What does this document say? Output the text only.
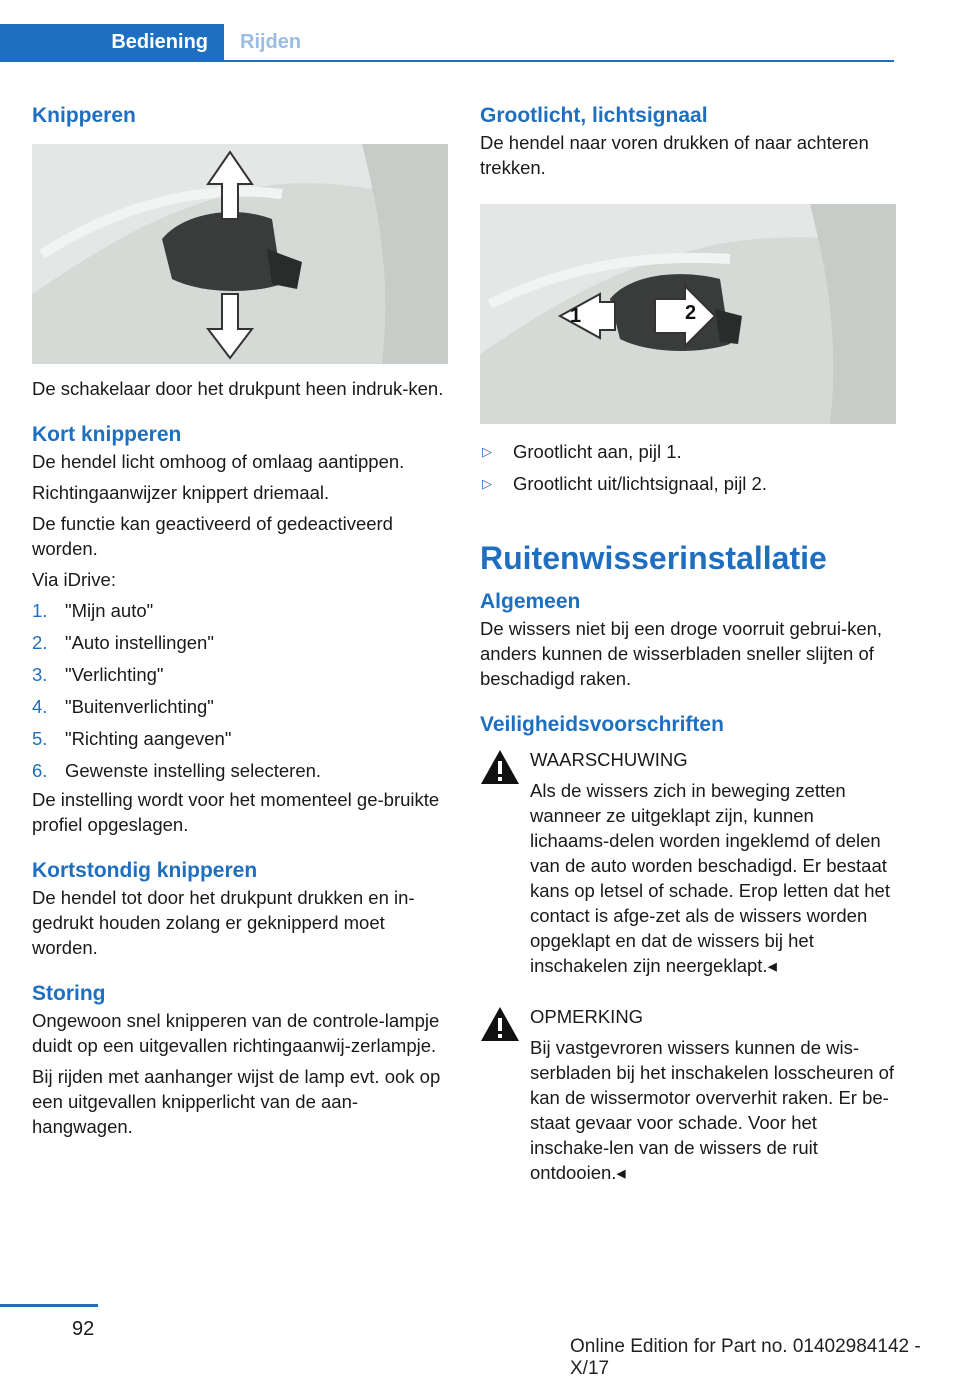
Bediening	Rijden
Knipperen

De schakelaar door het drukpunt heen indruk-ken.

Kort knipperen

De hendel licht omhoog of omlaag aantippen.

Richtingaanwijzer knippert driemaal.

De functie kan geactiveerd of gedeactiveerd worden.

Via iDrive:

1. "Mijn auto"
2. "Auto instellingen"
3. "Verlichting"
4. "Buitenverlichting"
5. "Richting aangeven"
6. Gewenste instelling selecteren.

De instelling wordt voor het momenteel ge-bruikte profiel opgeslagen.

Kortstondig knipperen

De hendel tot door het drukpunt drukken en in-gedrukt houden zolang er geknipperd moet worden.

Storing

Ongewoon snel knipperen van de controle-lampje duidt op een uitgevallen richtingaanwij-zerlampje.

Bij rijden met aanhanger wijst de lamp evt. ook op een uitgevallen knipperlicht van de aan-hangwagen.

Grootlicht, lichtsignaal

De hendel naar voren drukken of naar achteren trekken.

1	2
▷ Grootlicht aan, pijl 1.
▷ Grootlicht uit/lichtsignaal, pijl 2.
Ruitenwisserinstallatie
Algemeen

De wissers niet bij een droge voorruit gebrui-ken, anders kunnen de wisserbladen sneller slijten of beschadigd raken.

Veiligheidsvoorschriften

WAARSCHUWING

Als de wissers zich in beweging zetten wanneer ze uitgeklapt zijn, kunnen lichaams-delen worden ingeklemd of delen van de auto worden beschadigd. Er bestaat kans op letsel of schade. Erop letten dat het contact is afge-zet als de wissers worden opgeklapt en dat de wissers bij het inschakelen zijn neergeklapt.◂

OPMERKING

Bij vastgevroren wissers kunnen de wis-serbladen bij het inschakelen losscheuren of kan de wissermotor oververhit raken. Er be-staat gevaar voor schade. Voor het inschake-len van de wissers de ruit ontdooien.◂

92
Online Edition for Part no. 01402984142 - X/17
